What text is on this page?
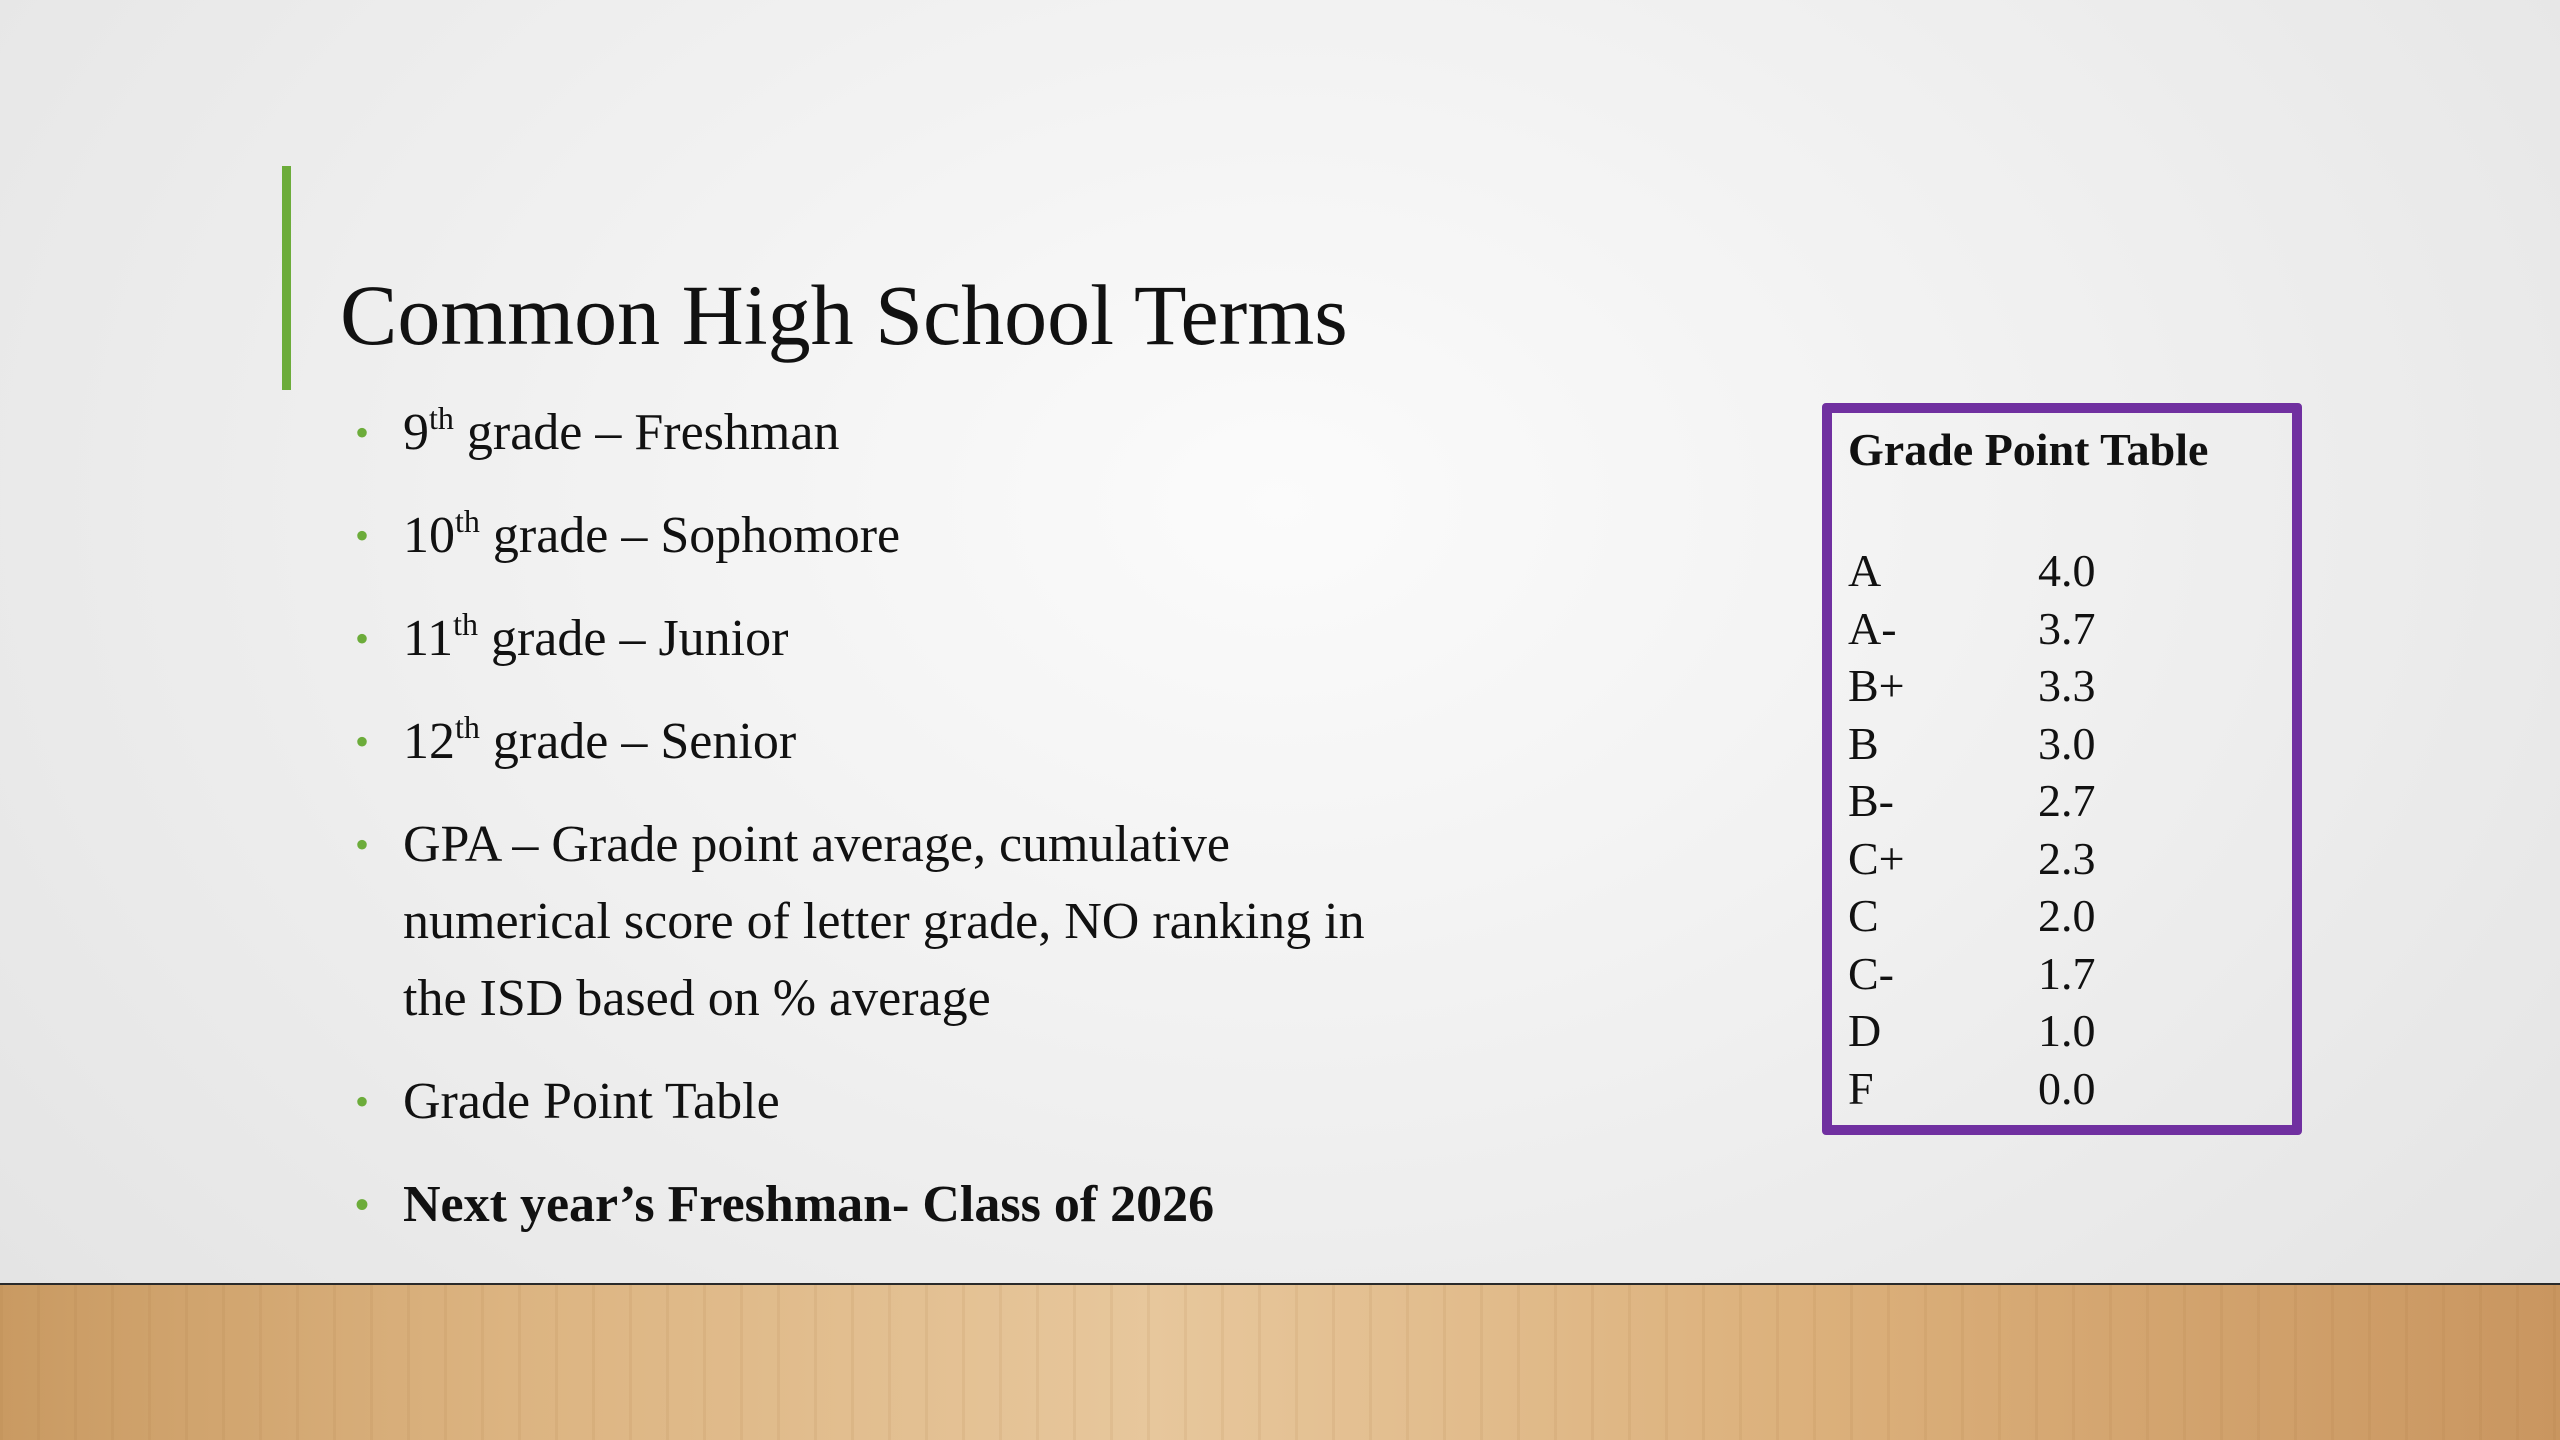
Common High School Terms
• 9th grade – Freshman
• 10th grade – Sophomore
• 11th grade – Junior
• 12th grade – Senior
• GPA – Grade point average, cumulative numerical score of letter grade, NO ranking in the ISD based on % average
• Grade Point Table
• Next year’s Freshman- Class of 2026

Grade Point Table

A	4.0
A-	3.7
B+	3.3
B	3.0
B-	2.7
C+	2.3
C	2.0
C-	1.7
D	1.0
F	0.0
